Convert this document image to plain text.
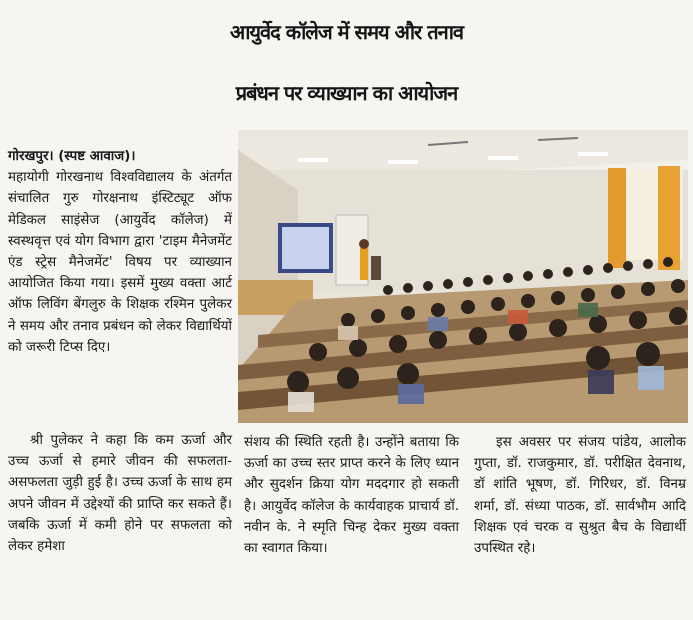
आयुर्वेद कॉलेज में समय और तनाव
प्रबंधन पर व्याख्यान का आयोजन
गोरखपुर। (स्पष्ट आवाज)।
महायोगी गोरखनाथ विश्वविद्यालय के अंतर्गत संचालित गुरु गोरक्षनाथ इंस्टिट्यूट ऑफ मेडिकल साइंसेज (आयुर्वेद कॉलेज) में स्वस्थवृत्त एवं योग विभाग द्वारा 'टाइम मैनेजमेंट एंड स्ट्रेस मैनेजमेंट' विषय पर व्याख्यान आयोजित किया गया। इसमें मुख्य वक्ता आर्ट ऑफ लिविंग बेंगलुरु के शिक्षक रश्मिन पुलेकर ने समय और तनाव प्रबंधन को लेकर विद्यार्थियों को जरूरी टिप्स दिए।

श्री पुलेकर ने कहा कि कम ऊर्जा और उच्च ऊर्जा से हमारे जीवन की सफलता-असफलता जुड़ी हुई है। उच्च ऊर्जा के साथ हम अपने जीवन में उद्देश्यों की प्राप्ति कर सकते हैं। जबकि ऊर्जा में कमी होने पर सफलता को लेकर हमेशा

संशय की स्थिति रहती है। उन्होंने बताया कि ऊर्जा का उच्च स्तर प्राप्त करने के लिए ध्यान और सुदर्शन क्रिया योग मददगार हो सकती है। आयुर्वेद कॉलेज के कार्यवाहक प्राचार्य डॉ. नवीन के. ने स्मृति चिन्ह देकर मुख्य वक्ता का स्वागत किया।

इस अवसर पर संजय पांडेय, आलोक गुप्ता, डॉ. राजकुमार, डॉ. परीक्षित देवनाथ, डॉ शांति भूषण, डॉ. गिरिधर, डॉ. विनम्र शर्मा, डॉ. संध्या पाठक, डॉ. सार्वभौम आदि शिक्षक एवं चरक व सुश्रुत बैच के विद्यार्थी उपस्थित रहे।
